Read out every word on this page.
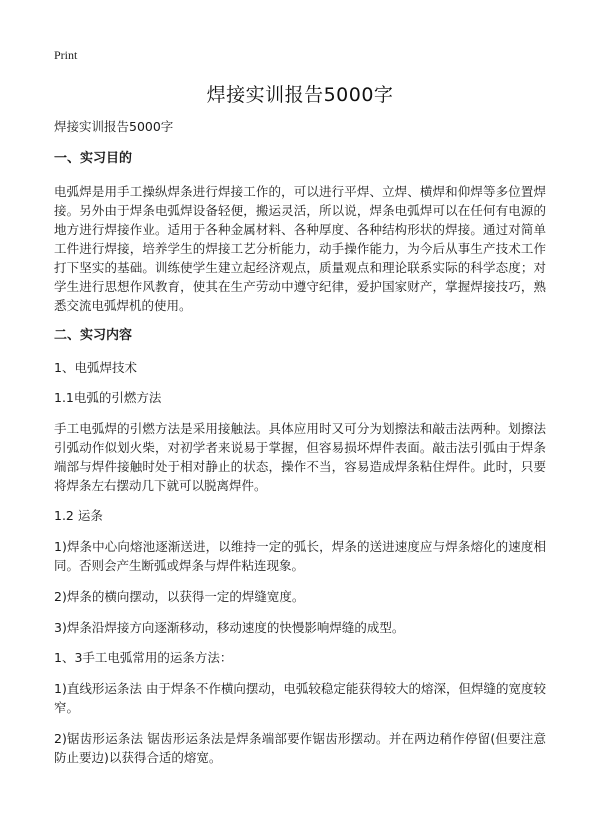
Print
焊接实训报告5000字

焊接实训报告5000字

一、实习目的

电弧焊是用手工操纵焊条进行焊接工作的，可以进行平焊、立焊、横焊和仰焊等多位置焊接。另外由于焊条电弧焊设备轻便，搬运灵活，所以说，焊条电弧焊可以在任何有电源的地方进行焊接作业。适用于各种金属材料、各种厚度、各种结构形状的焊接。通过对简单工件进行焊接，培养学生的焊接工艺分析能力，动手操作能力，为今后从事生产技术工作打下坚实的基础。训练使学生建立起经济观点，质量观点和理论联系实际的科学态度；对学生进行思想作风教育，使其在生产劳动中遵守纪律，爱护国家财产，掌握焊接技巧，熟悉交流电弧焊机的使用。

二、实习内容

1、电弧焊技术

1.1电弧的引燃方法

手工电弧焊的引燃方法是采用接触法。具体应用时又可分为划擦法和敲击法两种。划擦法引弧动作似划火柴，对初学者来说易于掌握，但容易损坏焊件表面。敲击法引弧由于焊条端部与焊件接触时处于相对静止的状态，操作不当，容易造成焊条粘住焊件。此时，只要将焊条左右摆动几下就可以脱离焊件。

1.2 运条

1)焊条中心向熔池逐渐送进，以维持一定的弧长，焊条的送进速度应与焊条熔化的速度相同。否则会产生断弧或焊条与焊件粘连现象。

2)焊条的横向摆动，以获得一定的焊缝宽度。

3)焊条沿焊接方向逐渐移动，移动速度的快慢影响焊缝的成型。

1、3手工电弧常用的运条方法：

1)直线形运条法 由于焊条不作横向摆动，电弧较稳定能获得较大的熔深，但焊缝的宽度较窄。

2)锯齿形运条法 锯齿形运条法是焊条端部要作锯齿形摆动。并在两边稍作停留(但要注意防止要边)以获得合适的熔宽。
